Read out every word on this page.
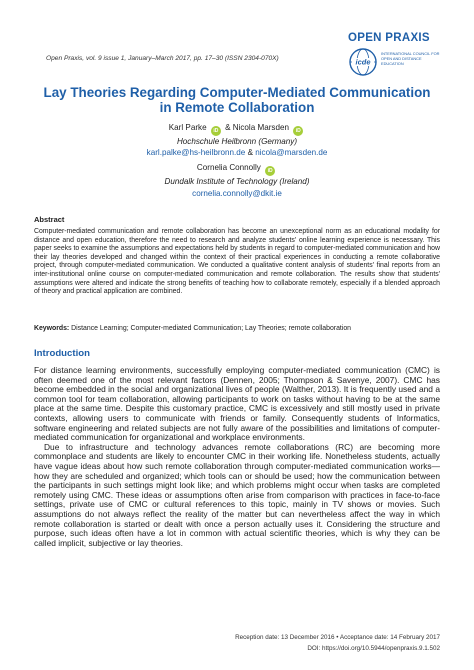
Open Praxis, vol. 9 issue 1, January–March 2017, pp. 17–30 (ISSN 2304-070X)
OPEN PRAXIS
icde
INTERNATIONAL COUNCIL FOR OPEN AND DISTANCE EDUCATION
Lay Theories Regarding Computer-Mediated Communication in Remote Collaboration
Karl Parke iD & Nicola Marsden iD
Hochschule Heilbronn (Germany)
karl.palke@hs-heilbronn.de & nicola@marsden.de
Cornelia Connolly iD
Dundalk Institute of Technology (Ireland)
cornelia.connolly@dkit.ie
Abstract
Computer-mediated communication and remote collaboration has become an unexceptional norm as an educational modality for distance and open education, therefore the need to research and analyze students' online learning experience is necessary. This paper seeks to examine the assumptions and expectations held by students in regard to computer-mediated communication and how their lay theories developed and changed within the context of their practical experiences in conducting a remote collaborative project, through computer-mediated communication. We conducted a qualitative content analysis of students' final reports from an inter-institutional online course on computer-mediated communication and remote collaboration. The results show that students' assumptions were altered and indicate the strong benefits of teaching how to collaborate remotely, especially if a blended approach of theory and practical application are combined.
Keywords: Distance Learning; Computer-mediated Communication; Lay Theories; remote collaboration
Introduction

For distance learning environments, successfully employing computer-mediated communication (CMC) is often deemed one of the most relevant factors (Dennen, 2005; Thompson & Savenye, 2007). CMC has become embedded in the social and organizational lives of people (Walther, 2013). It is frequently used and a common tool for team collaboration, allowing participants to work on tasks without having to be at the same place at the same time. Despite this customary practice, CMC is excessively and still mostly used in private contexts, allowing users to communicate with friends or family. Consequently students of Informatics, software engineering and related subjects are not fully aware of the possibilities and limitations of computer-mediated communication for organizational and workplace environments.

Due to infrastructure and technology advances remote collaborations (RC) are becoming more commonplace and students are likely to encounter CMC in their working life. Nonetheless students, actually have vague ideas about how such remote collaboration through computer-mediated communication works—how they are scheduled and organized; which tools can or should be used; how the communication between the participants in such settings might look like; and which problems might occur when tasks are completed remotely using CMC. These ideas or assumptions often arise from comparison with practices in face-to-face settings, private use of CMC or cultural references to this topic, mainly in TV shows or movies. Such assumptions do not always reflect the reality of the matter but can nevertheless affect the way in which remote collaboration is started or dealt with once a person actually uses it. Considering the structure and purpose, such ideas often have a lot in common with actual scientific theories, which is why they can be called implicit, subjective or lay theories.

Reception date: 13 December 2016 • Acceptance date: 14 February 2017
DOI: https://doi.org/10.5944/openpraxis.9.1.502
